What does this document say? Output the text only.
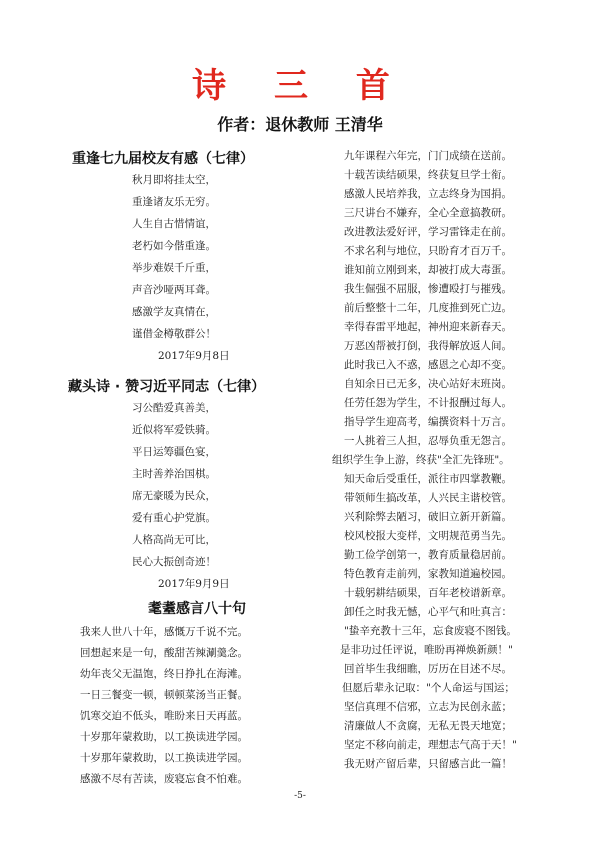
诗 三 首
作者：退休教师 王清华
重逢七九届校友有感（七律）
秋月即将挂太空，
重逢诸友乐无穷。
人生自古惜情谊，
老朽如今偕重逢。
举步难娱千斤重，
声音沙哑两耳聋。
感激学友真情在，
谨借金樽敬群公！
2017年9月8日
藏头诗 · 赞习近平同志（七律）
习公酷爱真善美，
近似将军爱铁骑。
平日运筹疆色宴，
主时善养治国棋。
席无豪暖为民众，
爱有重心护党旗。
人格高尚无可比，
民心大振创奇迹！
2017年9月9日
耄耋感言八十句
我来人世八十年，感慨万千说不完。
回想起来是一句，酸甜苦辣涮羹念。
幼年丧父无温饱，终日挣扎在海滩。
一日三餐变一顿，顿顿菜汤当正餐。
饥寒交迫不低头，唯盼来日天再蓝。
十岁那年蒙救助，以工换读进学园。
十岁那年蒙救助，以工换读进学园。
感激不尽有苦读，废寝忘食不怕难。
九年课程六年完，门门成绩在送前。
十载苦读结硕果，终获复旦学士衔。
感激人民培养我，立志终身为国捐。
三尺讲台不嫌弃，全心全意搞教研。
改进教法爱好评，学习雷锋走在前。
不求名利与地位，只盼育才百万千。
谁知前立刚到来，却被打成大毒蛋。
我生倔强不屈服，惨遭殴打与摧残。
前后整整十二年，几度推到死亡边。
幸得春雷平地起，神州迎来新春天。
万恶凶帮被打倒，我得解放返人间。
此时我已入不惑，感恩之心却不变。
自知余日已无多，决心站好末班岗。
任劳任怨为学生，不计报酬过每人。
指导学生迎高考，编撰资料十万言。
一人挑着三人担，忍辱负重无怨言。
组织学生争上游，终获"全汇先锋班"。
知天命后受重任，派往市四掌教鞭。
带领师生搞改革，人兴民主谐校管。
兴利除弊去陋习，破旧立新开新篇。
校风校报大变样，文明规范勇当先。
勤工俭学创第一，教育质量稳居前。
特色教育走前列，家教知道遍校园。
十载躬耕结硕果，百年老校谱新章。
卸任之时我无憾，心平气和吐真言：
"蛰辛充教十三年，忘食废寝不图钱。
是非功过任评说，唯盼再禅焕新颜！"
回首毕生我细瞧，厉历在目述不尽。
但愿后辈永记取："个人命运与国运；
坚信真理不信邪，立志为民创永蓝；
清廉做人不贪腐，无私无畏天地宽；
坚定不移向前走，理想志气高于天！"
我无财产留后辈，只留感言此一篇！
-5-
